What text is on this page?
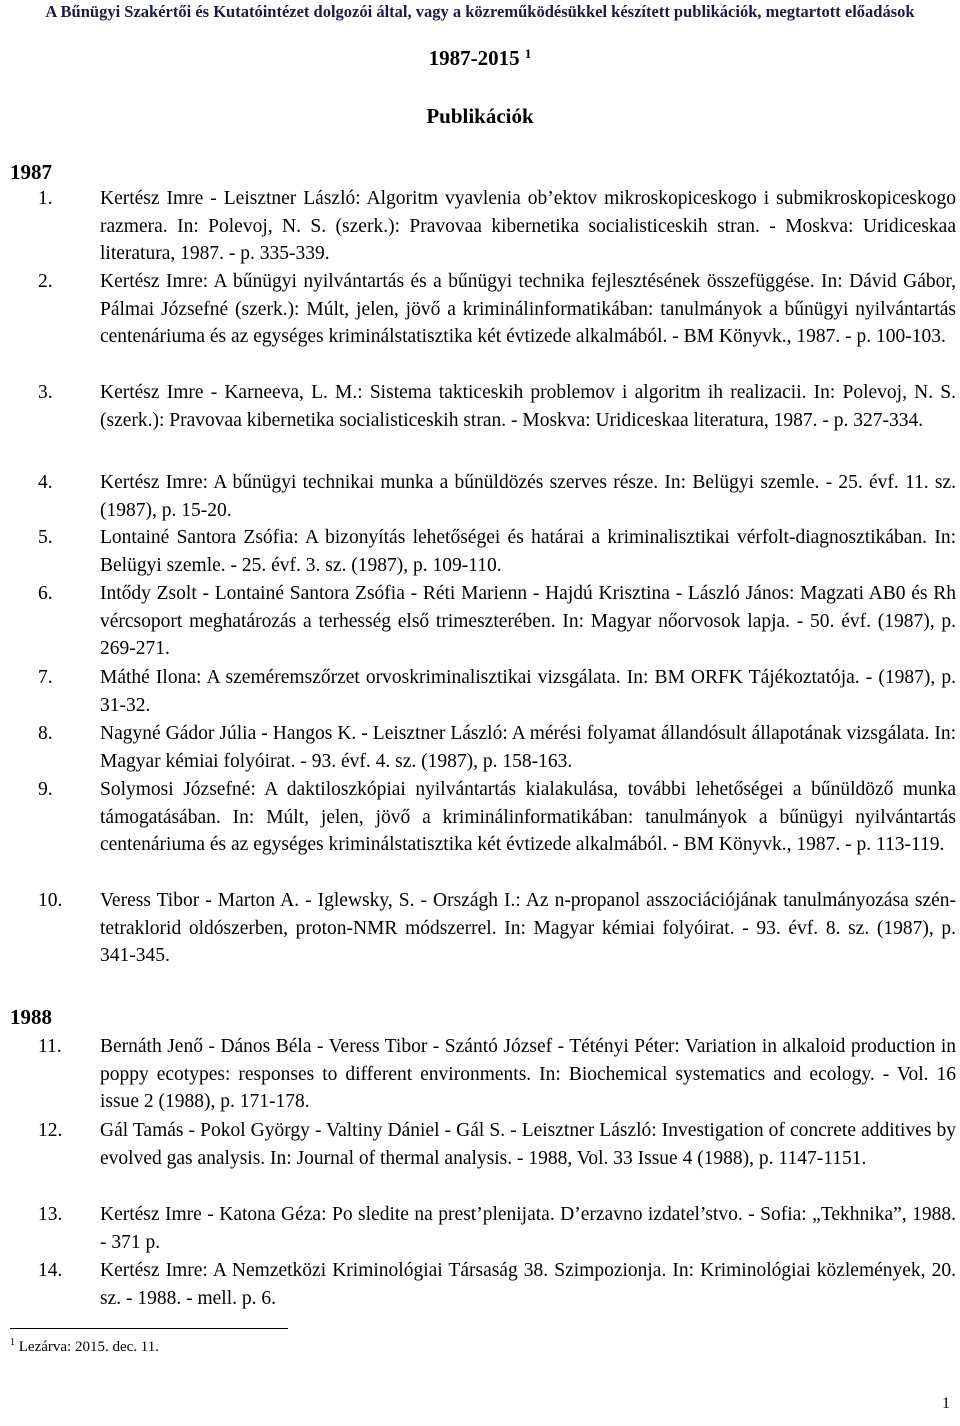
A Bűnügyi Szakértői és Kutatóintézet dolgozói által, vagy a közreműködésükkel készített publikációk, megtartott előadások
1987-2015 $^1$
Publikációk
1987
1. Kertész Imre - Leisztner László: Algoritm vyavlenia ob’ektov mikroskopiceskogo i submikroskopiceskogo razmera. In: Polevoj, N. S. (szerk.): Pravovaa kibernetika socialisticeskih stran. - Moskva: Uridiceskaa literatura, 1987. - p. 335-339.
2. Kertész Imre: A bűnügyi nyilvántartás és a bűnügyi technika fejlesztésének összefüggése. In: Dávid Gábor, Pálmai Józsefné (szerk.): Múlt, jelen, jövő a kriminálinformatikában: tanulmányok a bűnügyi nyilvántartás centenáriuma és az egységes kriminálstatisztika két évtizede alkalmából. - BM Könyvk., 1987. - p. 100-103.
3. Kertész Imre - Karneeva, L. M.: Sistema takticeskih problemov i algoritm ih realizacii. In: Polevoj, N. S. (szerk.): Pravovaa kibernetika socialisticeskih stran. - Moskva: Uridiceskaa literatura, 1987. - p. 327-334.
4. Kertész Imre: A bűnügyi technikai munka a bűnüldözés szerves része. In: Belügyi szemle. - 25. évf. 11. sz. (1987), p. 15-20.
5. Lontainé Santora Zsófia: A bizonyítás lehetőségei és határai a kriminalisztikai vérfolt-diagnosztikában. In: Belügyi szemle. - 25. évf. 3. sz. (1987), p. 109-110.
6. Intődy Zsolt - Lontainé Santora Zsófia - Réti Marienn - Hajdú Krisztina - László János: Magzati AB0 és Rh vércsoport meghatározás a terhesség első trimeszterében. In: Magyar nőorvosok lapja. - 50. évf. (1987), p. 269-271.
7. Máthé Ilona: A szeméremszőrzet orvoskriminalisztikai vizsgálata. In: BM ORFK Tájékoztatója. - (1987), p. 31-32.
8. Nagyné Gádor Júlia - Hangos K. - Leisztner László: A mérési folyamat állandósult állapotának vizsgálata. In: Magyar kémiai folyóirat. - 93. évf. 4. sz. (1987), p. 158-163.
9. Solymosi Józsefné: A daktiloszkópiai nyilvántartás kialakulása, további lehetőségei a bűnüldöző munka támogatásában. In: Múlt, jelen, jövő a kriminálinformatikában: tanulmányok a bűnügyi nyilvántartás centenáriuma és az egységes kriminálstatisztika két évtizede alkalmából. - BM Könyvk., 1987. - p. 113-119.
10. Veress Tibor - Marton A. - Iglewsky, S. - Országh I.: Az n-propanol asszociációjának tanulmányozása szén-tetraklorid oldószerben, proton-NMR módszerrel. In: Magyar kémiai folyóirat. - 93. évf. 8. sz. (1987), p. 341-345.
1988
11. Bernáth Jenő - Dános Béla - Veress Tibor - Szántó József - Tétényi Péter: Variation in alkaloid production in poppy ecotypes: responses to different environments. In: Biochemical systematics and ecology. - Vol. 16 issue 2 (1988), p. 171-178.
12. Gál Tamás - Pokol György - Valtiny Dániel - Gál S. - Leisztner László: Investigation of concrete additives by evolved gas analysis. In: Journal of thermal analysis. - 1988, Vol. 33 Issue 4 (1988), p. 1147-1151.
13. Kertész Imre - Katona Géza: Po sledite na prest’plenijata. D’erzavno izdatel’stvo. - Sofia: „Tekhnika”, 1988. - 371 p.
14. Kertész Imre: A Nemzetközi Kriminológiai Társaság 38. Szimpozionja. In: Kriminológiai közlemények, 20. sz. - 1988. - mell. p. 6.
$^1$ Lezárva: 2015. dec. 11.
1
